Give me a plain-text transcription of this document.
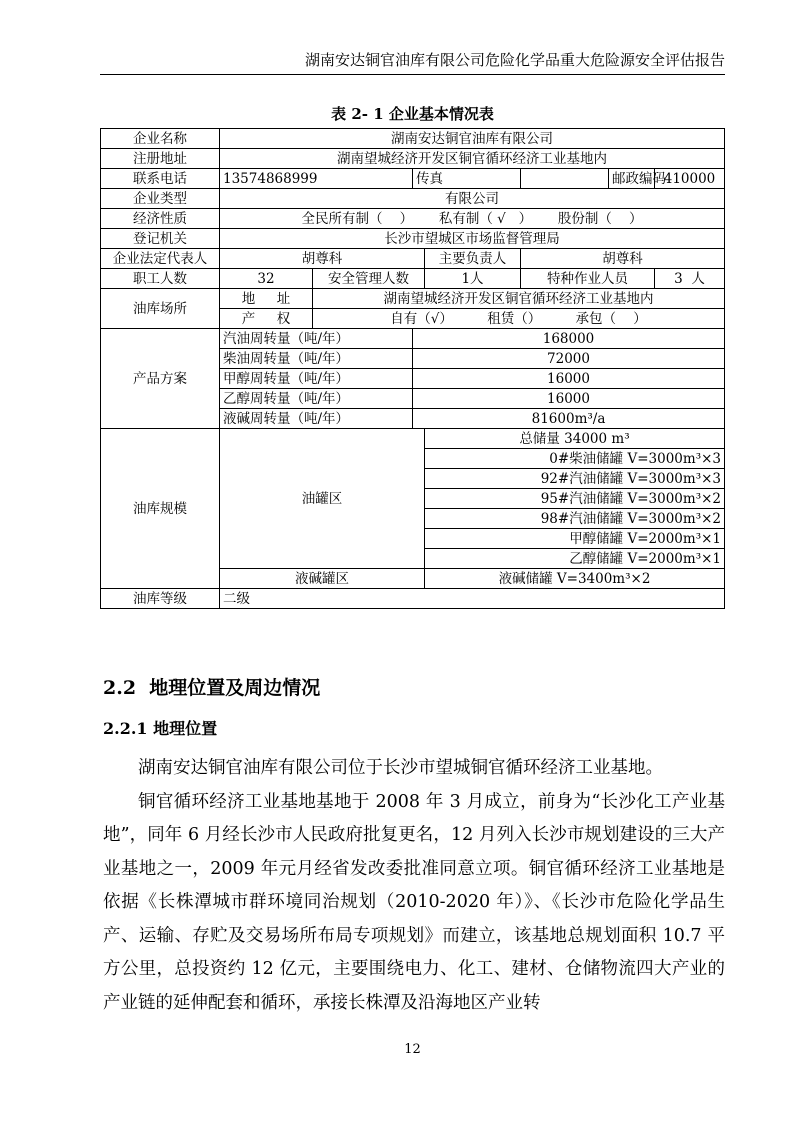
湖南安达铜官油库有限公司危险化学品重大危险源安全评估报告
表 2- 1 企业基本情况表
企业名称	湖南安达铜官油库有限公司						
注册地址	湖南望城经济开发区铜官循环经济工业基地内						
联系电话	13574868999		传真			邮政编码	410000
企业类型	有限公司						
经济性质	全民所有制（    ）      私有制（ √   ）      股份制（    ）						
登记机关	长沙市望城区市场监督管理局						
企业法定代表人	胡尊科			主要负责人	胡尊科		
职工人数	32	安全管理人数		1人	特种作业人员		3  人
油库场所	地     址	湖南望城经济开发区铜官循环经济工业基地内					
	产     权	自有（√）        租赁（）        承包（    ）					
产品方案	汽油周转量（吨/年）		168000				
	柴油周转量（吨/年）		72000				
	甲醇周转量（吨/年）		16000				
	乙醇周转量（吨/年）		16000				
	液碱周转量（吨/年）		81600m³/a				
油库规模	油罐区			总储量 34000 m³			
				0#柴油储罐 V=3000m³×3			
				92#汽油储罐 V=3000m³×3			
				95#汽油储罐 V=3000m³×2			
				98#汽油储罐 V=3000m³×2			
				甲醇储罐 V=2000m³×1			
				乙醇储罐 V=2000m³×1			
	液碱罐区			液碱储罐 V=3400m³×2			
油库等级	二级						
2.2  地理位置及周边情况
2.2.1 地理位置

湖南安达铜官油库有限公司位于长沙市望城铜官循环经济工业基地。

铜官循环经济工业基地基地于 2008 年 3 月成立，前身为“长沙化工产业基地”，同年 6 月经长沙市人民政府批复更名，12 月列入长沙市规划建设的三大产业基地之一，2009 年元月经省发改委批准同意立项。铜官循环经济工业基地是依据《长株潭城市群环境同治规划（2010-2020 年）》、《长沙市危险化学品生产、运输、存贮及交易场所布局专项规划》而建立，该基地总规划面积 10.7 平方公里，总投资约 12 亿元，主要围绕电力、化工、建材、仓储物流四大产业的产业链的延伸配套和循环，承接长株潭及沿海地区产业转

12
